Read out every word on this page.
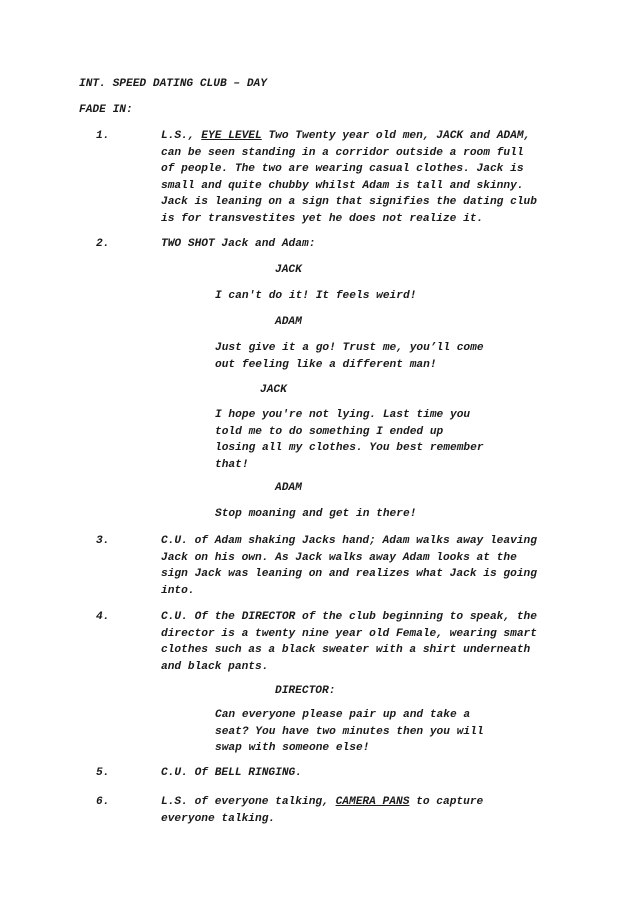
INT. SPEED DATING CLUB – DAY
FADE IN:
1.	L.S., EYE LEVEL Two Twenty year old men, JACK and ADAM,
can be seen standing in a corridor outside a room full
of people. The two are wearing casual clothes. Jack is
small and quite chubby whilst Adam is tall and skinny.
Jack is leaning on a sign that signifies the dating club
is for transvestites yet he does not realize it.
2.	TWO SHOT Jack and Adam:
JACK
I can't do it! It feels weird!
ADAM
Just give it a go! Trust me, you’ll come
out feeling like a different man!
JACK
I hope you're not lying. Last time you
told me to do something I ended up
losing all my clothes. You best remember
that!
ADAM
Stop moaning and get in there!
3.	C.U. of Adam shaking Jacks hand; Adam walks away leaving
Jack on his own. As Jack walks away Adam looks at the
sign Jack was leaning on and realizes what Jack is going
into.
4.	C.U. Of the DIRECTOR of the club beginning to speak, the
director is a twenty nine year old Female, wearing smart
clothes such as a black sweater with a shirt underneath
and black pants.
DIRECTOR:
Can everyone please pair up and take a
seat? You have two minutes then you will
swap with someone else!
5.	C.U. Of BELL RINGING.
6.	L.S. of everyone talking, CAMERA PANS to capture
everyone talking.
